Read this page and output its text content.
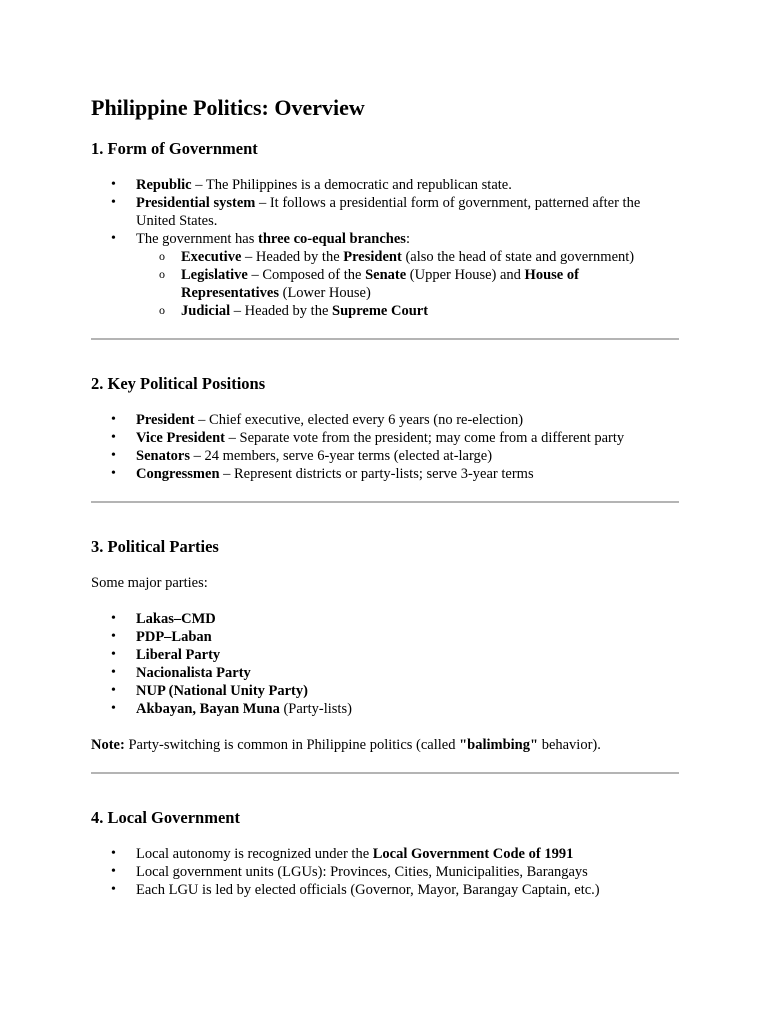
Philippine Politics: Overview
1. Form of Government
• Republic – The Philippines is a democratic and republican state.
• Presidential system – It follows a presidential form of government, patterned after the United States.
• The government has three co-equal branches:
o Executive – Headed by the President (also the head of state and government)
o Legislative – Composed of the Senate (Upper House) and House of Representatives (Lower House)
o Judicial – Headed by the Supreme Court
2. Key Political Positions
• President – Chief executive, elected every 6 years (no re-election)
• Vice President – Separate vote from the president; may come from a different party
• Senators – 24 members, serve 6-year terms (elected at-large)
• Congressmen – Represent districts or party-lists; serve 3-year terms
3. Political Parties

Some major parties:

• Lakas–CMD
• PDP–Laban
• Liberal Party
• Nacionalista Party
• NUP (National Unity Party)
• Akbayan, Bayan Muna (Party-lists)

Note: Party-switching is common in Philippine politics (called "balimbing" behavior).

4. Local Government
• Local autonomy is recognized under the Local Government Code of 1991
• Local government units (LGUs): Provinces, Cities, Municipalities, Barangays
• Each LGU is led by elected officials (Governor, Mayor, Barangay Captain, etc.)
